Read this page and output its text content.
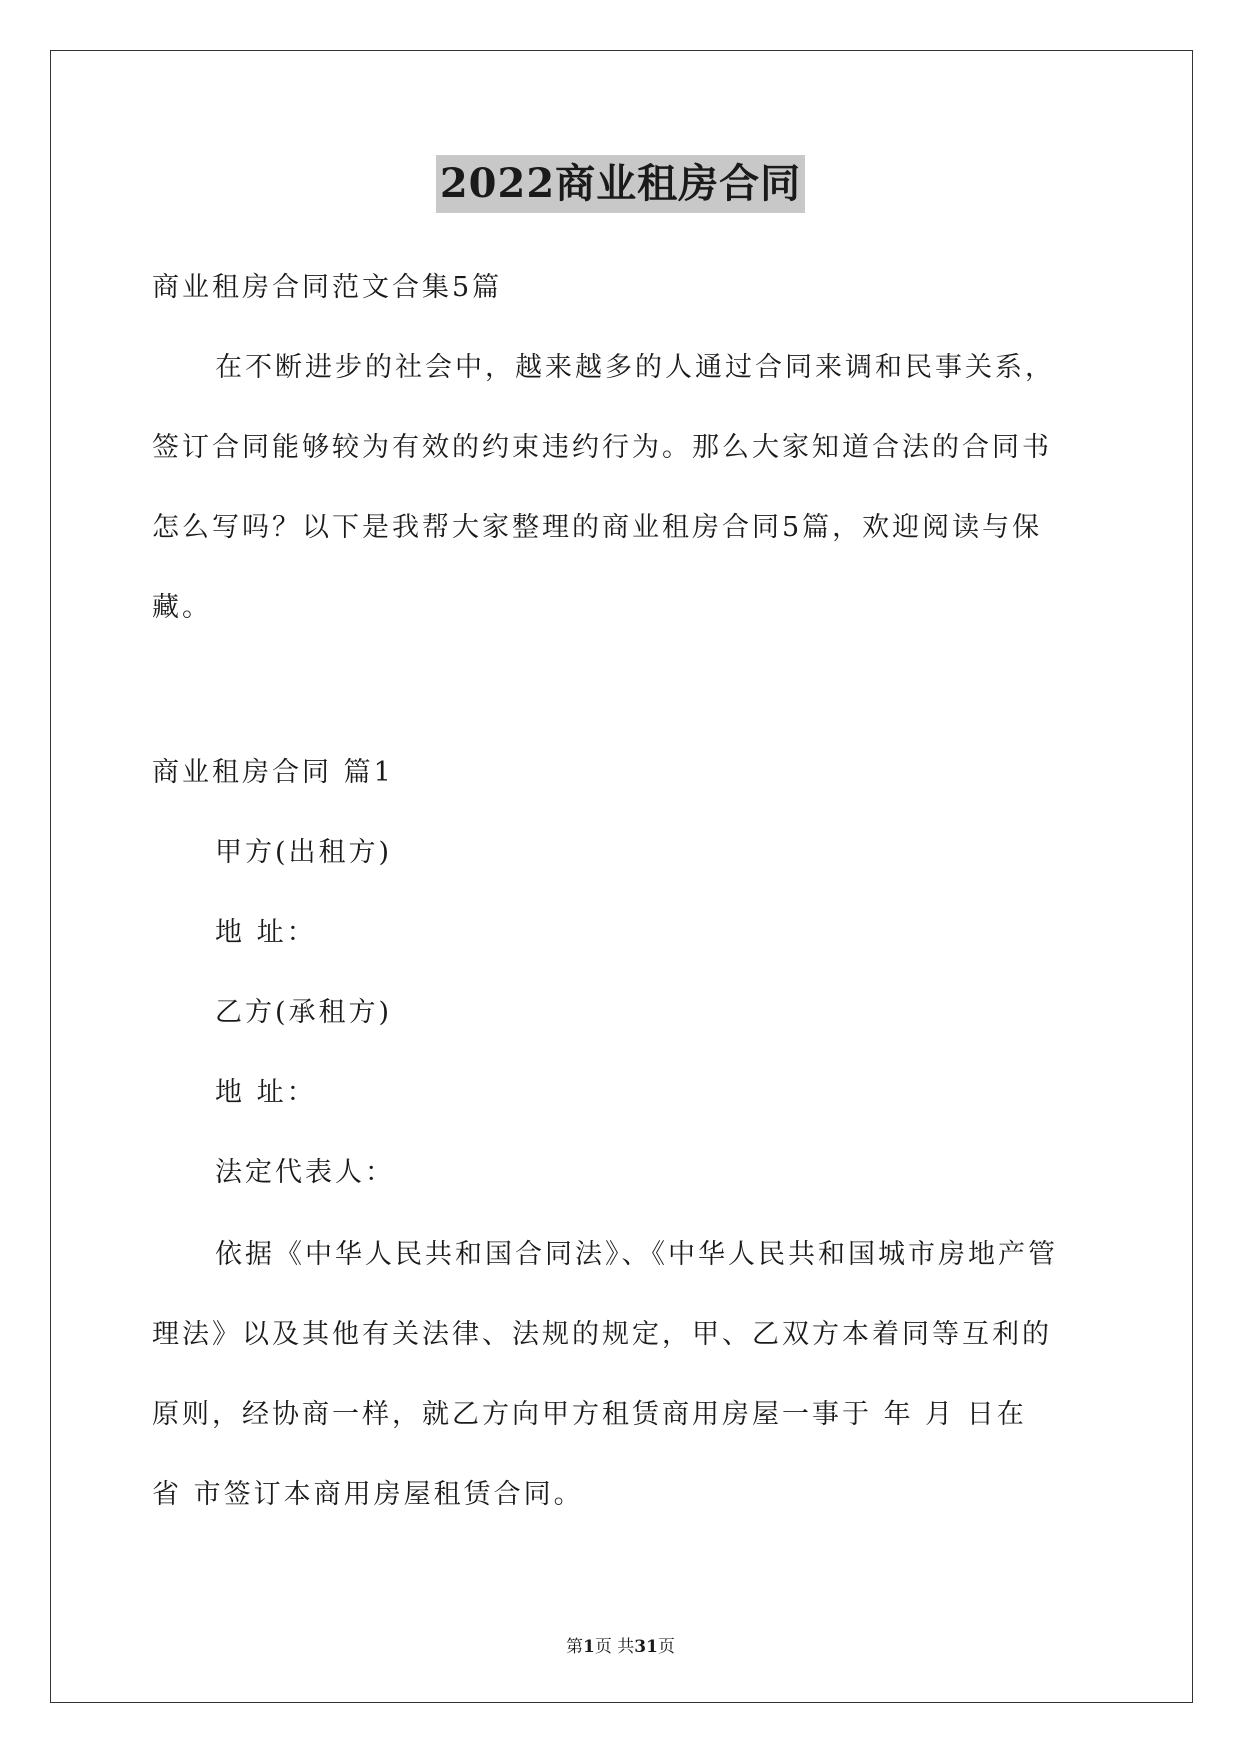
2022商业租房合同
商业租房合同范文合集5篇
在不断进步的社会中，越来越多的人通过合同来调和民事关系，
签订合同能够较为有效的约束违约行为。那么大家知道合法的合同书
怎么写吗？以下是我帮大家整理的商业租房合同5篇，欢迎阅读与保
藏。
商业租房合同 篇1
甲方(出租方)
地 址：
乙方(承租方)
地 址：
法定代表人：
依据《中华人民共和国合同法》、《中华人民共和国城市房地产管
理法》以及其他有关法律、法规的规定，甲、乙双方本着同等互利的
原则，经协商一样，就乙方向甲方租赁商用房屋一事于 年 月 日在
省 市签订本商用房屋租赁合同。
第1页 共31页
